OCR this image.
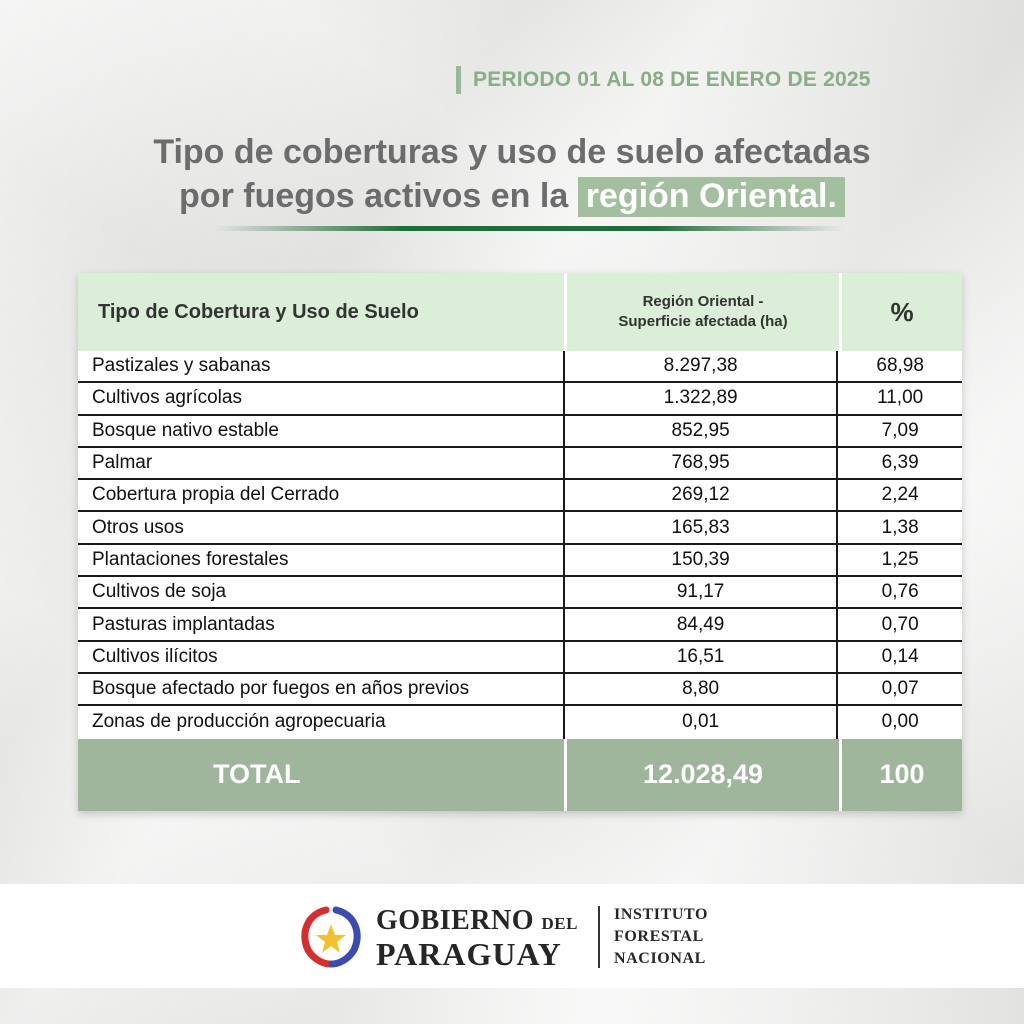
PERIODO 01 AL 08 DE ENERO DE 2025
Tipo de coberturas y uso de suelo afectadas
por fuegos activos en la región Oriental.
Tipo de Cobertura y Uso de Suelo	Región Oriental -
Superficie afectada (ha)	%
Pastizales y sabanas	8.297,38	68,98
Cultivos agrícolas	1.322,89	11,00
Bosque nativo estable	852,95	7,09
Palmar	768,95	6,39
Cobertura propia del Cerrado	269,12	2,24
Otros usos	165,83	1,38
Plantaciones forestales	150,39	1,25
Cultivos de soja	91,17	0,76
Pasturas implantadas	84,49	0,70
Cultivos ilícitos	16,51	0,14
Bosque afectado por fuegos en años previos	8,80	0,07
Zonas de producción agropecuaria	0,01	0,00
TOTAL	12.028,49	100
GOBIERNO DEL
PARAGUAY
INSTITUTO
FORESTAL
NACIONAL
